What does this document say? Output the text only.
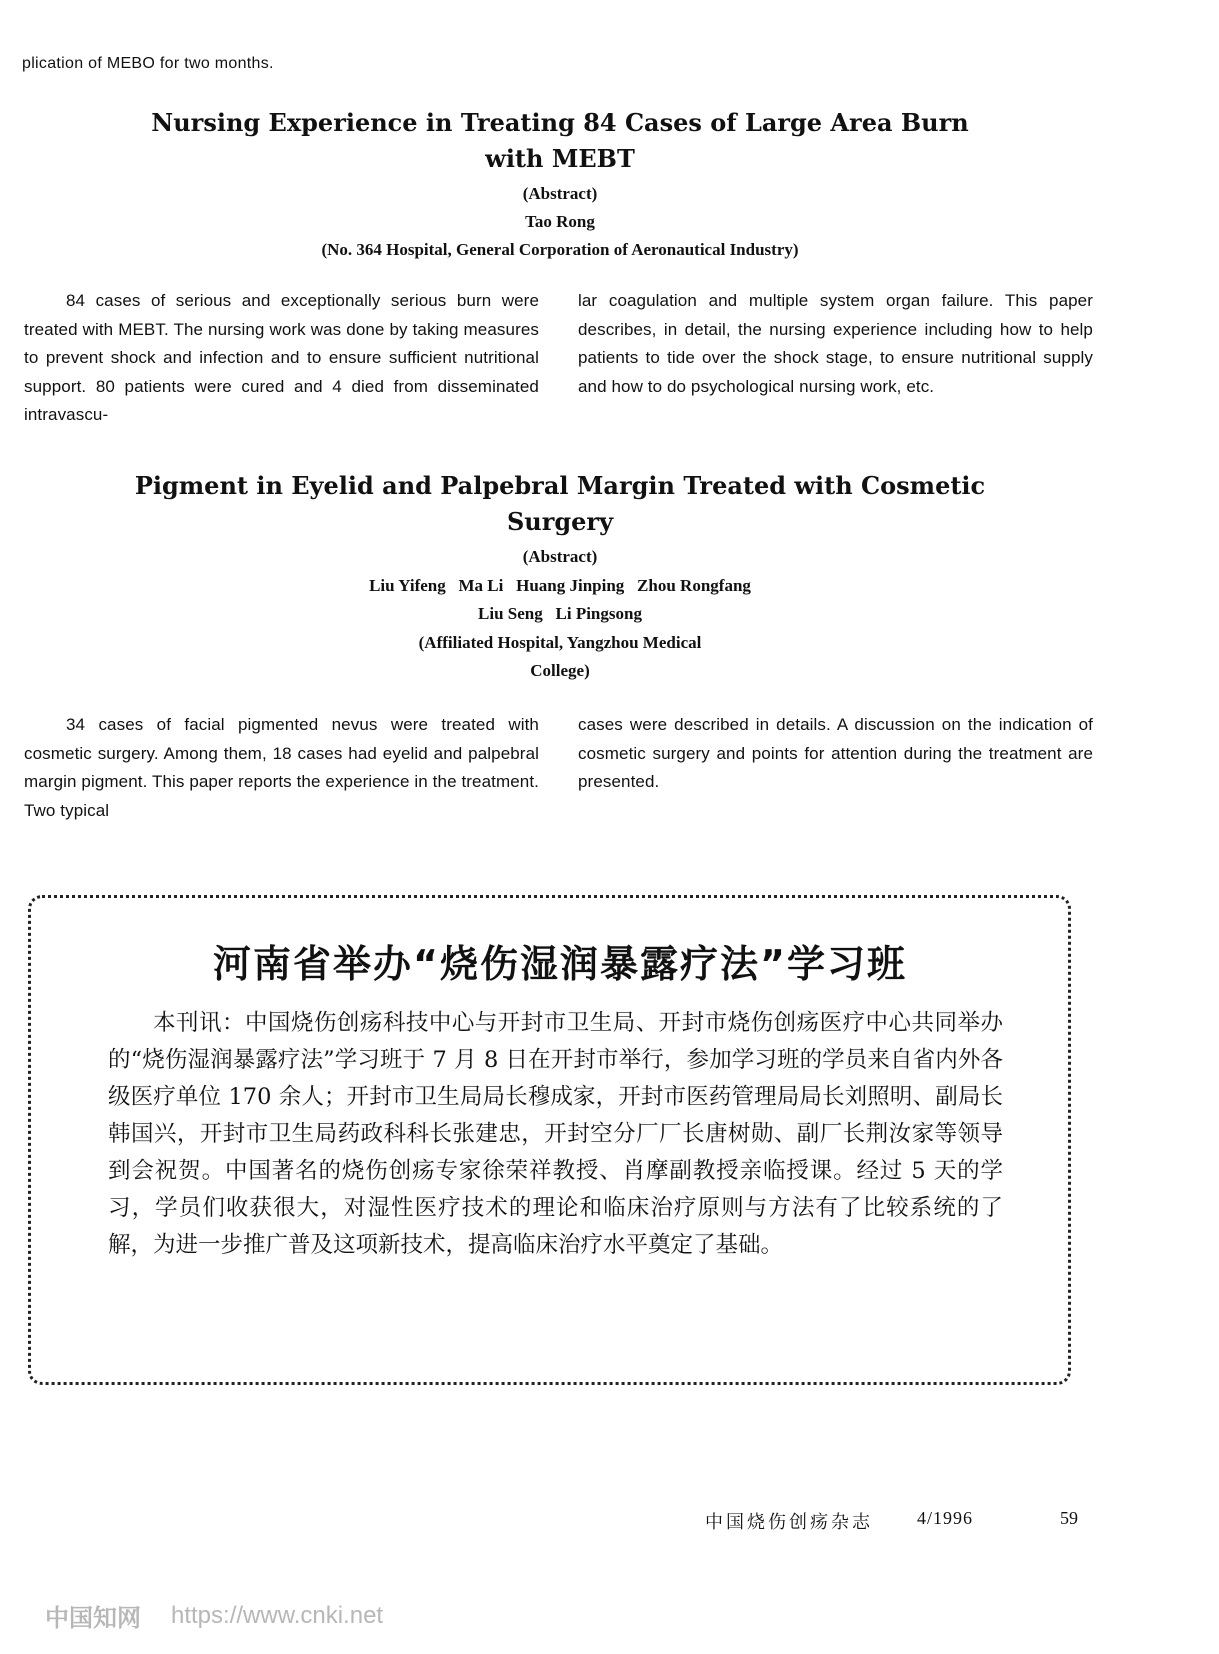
plication of MEBO for two months.
Nursing Experience in Treating 84 Cases of Large Area Burn
with MEBT
(Abstract)
Tao Rong
(No. 364 Hospital, General Corporation of Aeronautical Industry)

84 cases of serious and exceptionally serious burn were treated with MEBT. The nursing work was done by taking measures to prevent shock and infection and to ensure sufficient nutritional support. 80 patients were cured and 4 died from disseminated intravascu-

lar coagulation and multiple system organ failure. This paper describes, in detail, the nursing experience including how to help patients to tide over the shock stage, to ensure nutritional supply and how to do psychological nursing work, etc.

Pigment in Eyelid and Palpebral Margin Treated with Cosmetic
Surgery
(Abstract)
Liu Yifeng   Ma Li   Huang Jinping   Zhou Rongfang
Liu Seng   Li Pingsong
(Affiliated Hospital, Yangzhou Medical
College)

34 cases of facial pigmented nevus were treated with cosmetic surgery. Among them, 18 cases had eyelid and palpebral margin pigment. This paper reports the experience in the treatment. Two typical

cases were described in details. A discussion on the indication of cosmetic surgery and points for attention during the treatment are presented.

河南省举办“烧伤湿润暴露疗法”学习班

本刊讯：中国烧伤创疡科技中心与开封市卫生局、开封市烧伤创疡医疗中心共同举办的“烧伤湿润暴露疗法”学习班于 7 月 8 日在开封市举行，参加学习班的学员来自省内外各级医疗单位 170 余人；开封市卫生局局长穆成家，开封市医药管理局局长刘照明、副局长韩国兴，开封市卫生局药政科科长张建忠，开封空分厂厂长唐树勋、副厂长荆汝家等领导到会祝贺。中国著名的烧伤创疡专家徐荣祥教授、肖摩副教授亲临授课。经过 5 天的学习，学员们收获很大，对湿性医疗技术的理论和临床治疗原则与方法有了比较系统的了解，为进一步推广普及这项新技术，提高临床治疗水平奠定了基础。

中国烧伤创疡杂志 4/1996	59
中国知网 https://www.cnki.net
